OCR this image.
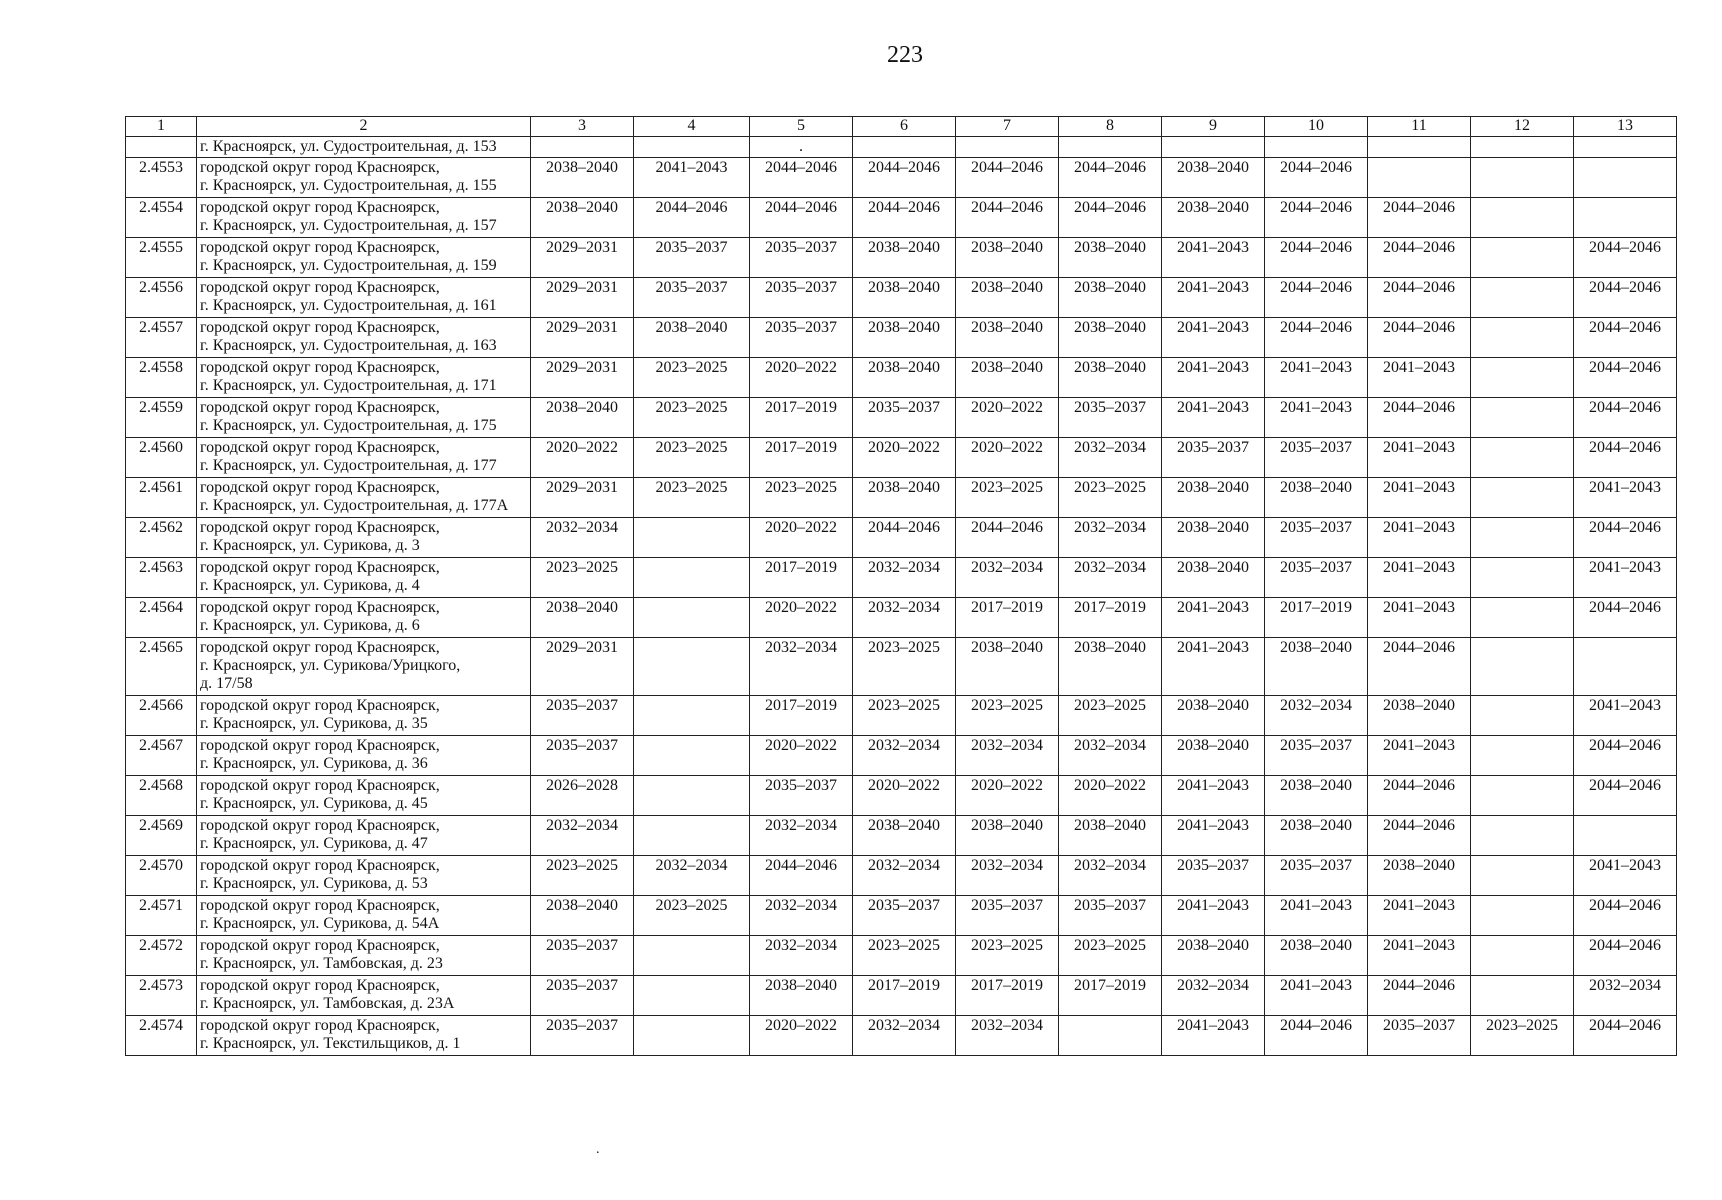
223
1	2	3	4	5	6	7	8	9	10	11	12	13
	г. Красноярск, ул. Судостроительная, д. 153			.								
2.4553	городской округ город Красноярск,
г. Красноярск, ул. Судостроительная, д. 155	2038–2040	2041–2043	2044–2046	2044–2046	2044–2046	2044–2046	2038–2040	2044–2046			
2.4554	городской округ город Красноярск,
г. Красноярск, ул. Судостроительная, д. 157	2038–2040	2044–2046	2044–2046	2044–2046	2044–2046	2044–2046	2038–2040	2044–2046	2044–2046		
2.4555	городской округ город Красноярск,
г. Красноярск, ул. Судостроительная, д. 159	2029–2031	2035–2037	2035–2037	2038–2040	2038–2040	2038–2040	2041–2043	2044–2046	2044–2046		2044–2046
2.4556	городской округ город Красноярск,
г. Красноярск, ул. Судостроительная, д. 161	2029–2031	2035–2037	2035–2037	2038–2040	2038–2040	2038–2040	2041–2043	2044–2046	2044–2046		2044–2046
2.4557	городской округ город Красноярск,
г. Красноярск, ул. Судостроительная, д. 163	2029–2031	2038–2040	2035–2037	2038–2040	2038–2040	2038–2040	2041–2043	2044–2046	2044–2046		2044–2046
2.4558	городской округ город Красноярск,
г. Красноярск, ул. Судостроительная, д. 171	2029–2031	2023–2025	2020–2022	2038–2040	2038–2040	2038–2040	2041–2043	2041–2043	2041–2043		2044–2046
2.4559	городской округ город Красноярск,
г. Красноярск, ул. Судостроительная, д. 175	2038–2040	2023–2025	2017–2019	2035–2037	2020–2022	2035–2037	2041–2043	2041–2043	2044–2046		2044–2046
2.4560	городской округ город Красноярск,
г. Красноярск, ул. Судостроительная, д. 177	2020–2022	2023–2025	2017–2019	2020–2022	2020–2022	2032–2034	2035–2037	2035–2037	2041–2043		2044–2046
2.4561	городской округ город Красноярск,
г. Красноярск, ул. Судостроительная, д. 177А	2029–2031	2023–2025	2023–2025	2038–2040	2023–2025	2023–2025	2038–2040	2038–2040	2041–2043		2041–2043
2.4562	городской округ город Красноярск,
г. Красноярск, ул. Сурикова, д. 3	2032–2034		2020–2022	2044–2046	2044–2046	2032–2034	2038–2040	2035–2037	2041–2043		2044–2046
2.4563	городской округ город Красноярск,
г. Красноярск, ул. Сурикова, д. 4	2023–2025		2017–2019	2032–2034	2032–2034	2032–2034	2038–2040	2035–2037	2041–2043		2041–2043
2.4564	городской округ город Красноярск,
г. Красноярск, ул. Сурикова, д. 6	2038–2040		2020–2022	2032–2034	2017–2019	2017–2019	2041–2043	2017–2019	2041–2043		2044–2046
2.4565	городской округ город Красноярск,
г. Красноярск, ул. Сурикова/Урицкого,
д. 17/58	2029–2031		2032–2034	2023–2025	2038–2040	2038–2040	2041–2043	2038–2040	2044–2046		
2.4566	городской округ город Красноярск,
г. Красноярск, ул. Сурикова, д. 35	2035–2037		2017–2019	2023–2025	2023–2025	2023–2025	2038–2040	2032–2034	2038–2040		2041–2043
2.4567	городской округ город Красноярск,
г. Красноярск, ул. Сурикова, д. 36	2035–2037		2020–2022	2032–2034	2032–2034	2032–2034	2038–2040	2035–2037	2041–2043		2044–2046
2.4568	городской округ город Красноярск,
г. Красноярск, ул. Сурикова, д. 45	2026–2028		2035–2037	2020–2022	2020–2022	2020–2022	2041–2043	2038–2040	2044–2046		2044–2046
2.4569	городской округ город Красноярск,
г. Красноярск, ул. Сурикова, д. 47	2032–2034		2032–2034	2038–2040	2038–2040	2038–2040	2041–2043	2038–2040	2044–2046		
2.4570	городской округ город Красноярск,
г. Красноярск, ул. Сурикова, д. 53	2023–2025	2032–2034	2044–2046	2032–2034	2032–2034	2032–2034	2035–2037	2035–2037	2038–2040		2041–2043
2.4571	городской округ город Красноярск,
г. Красноярск, ул. Сурикова, д. 54А	2038–2040	2023–2025	2032–2034	2035–2037	2035–2037	2035–2037	2041–2043	2041–2043	2041–2043		2044–2046
2.4572	городской округ город Красноярск,
г. Красноярск, ул. Тамбовская, д. 23	2035–2037		2032–2034	2023–2025	2023–2025	2023–2025	2038–2040	2038–2040	2041–2043		2044–2046
2.4573	городской округ город Красноярск,
г. Красноярск, ул. Тамбовская, д. 23А	2035–2037		2038–2040	2017–2019	2017–2019	2017–2019	2032–2034	2041–2043	2044–2046		2032–2034
2.4574	городской округ город Красноярск,
г. Красноярск, ул. Текстильщиков, д. 1	2035–2037		2020–2022	2032–2034	2032–2034		2041–2043	2044–2046	2035–2037	2023–2025	2044–2046
.
